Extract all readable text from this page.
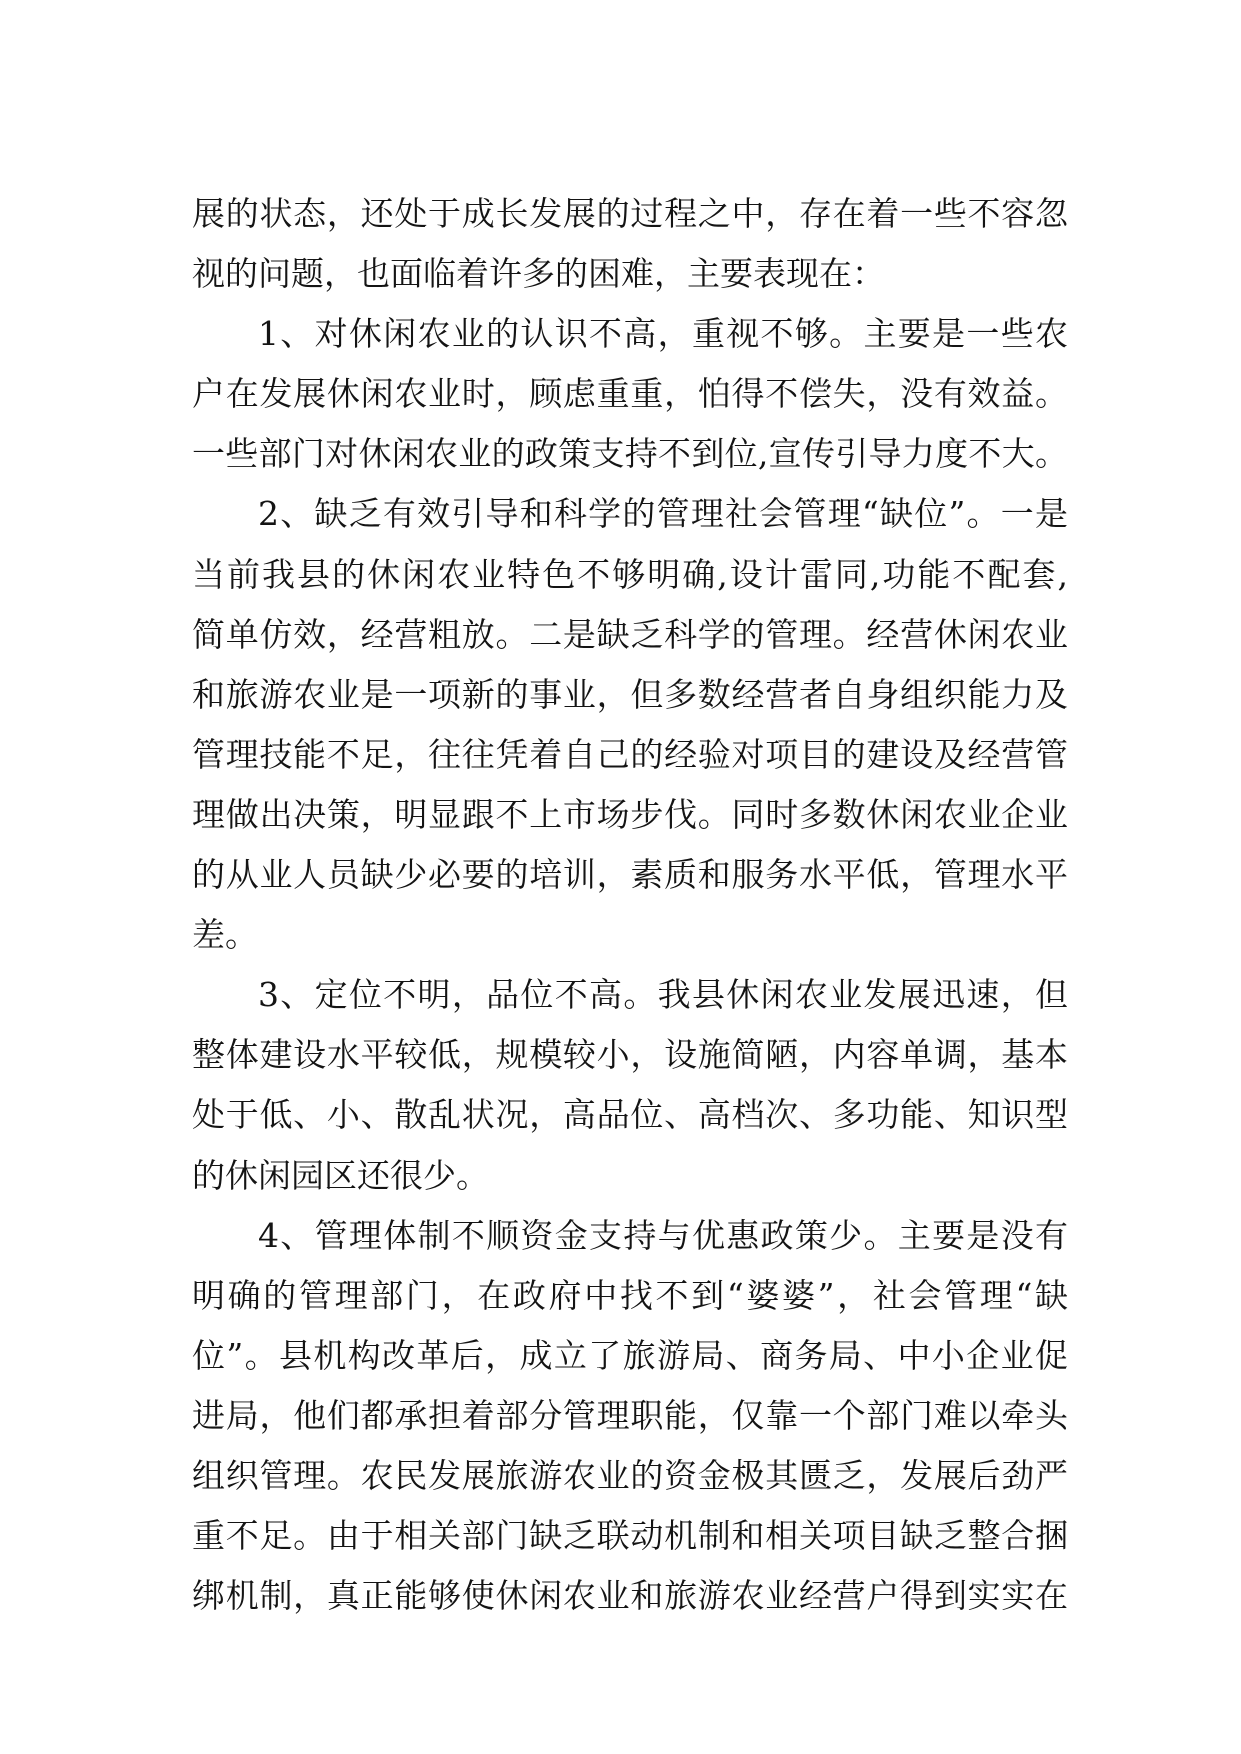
展的状态，还处于成长发展的过程之中，存在着一些不容忽
视的问题，也面临着许多的困难，主要表现在：
1、对休闲农业的认识不高，重视不够。主要是一些农
户在发展休闲农业时，顾虑重重，怕得不偿失，没有效益。
一些部门对休闲农业的政策支持不到位,宣传引导力度不大。
2、缺乏有效引导和科学的管理社会管理“缺位”。一是
当前我县的休闲农业特色不够明确,设计雷同,功能不配套,
简单仿效，经营粗放。二是缺乏科学的管理。经营休闲农业
和旅游农业是一项新的事业，但多数经营者自身组织能力及
管理技能不足，往往凭着自己的经验对项目的建设及经营管
理做出决策，明显跟不上市场步伐。同时多数休闲农业企业
的从业人员缺少必要的培训，素质和服务水平低，管理水平
差。
3、定位不明，品位不高。我县休闲农业发展迅速，但
整体建设水平较低，规模较小，设施简陋，内容单调，基本
处于低、小、散乱状况，高品位、高档次、多功能、知识型
的休闲园区还很少。
4、管理体制不顺资金支持与优惠政策少。主要是没有
明确的管理部门，在政府中找不到“婆婆”，社会管理“缺
位”。县机构改革后，成立了旅游局、商务局、中小企业促
进局，他们都承担着部分管理职能，仅靠一个部门难以牵头
组织管理。农民发展旅游农业的资金极其匮乏，发展后劲严
重不足。由于相关部门缺乏联动机制和相关项目缺乏整合捆
绑机制，真正能够使休闲农业和旅游农业经营户得到实实在
